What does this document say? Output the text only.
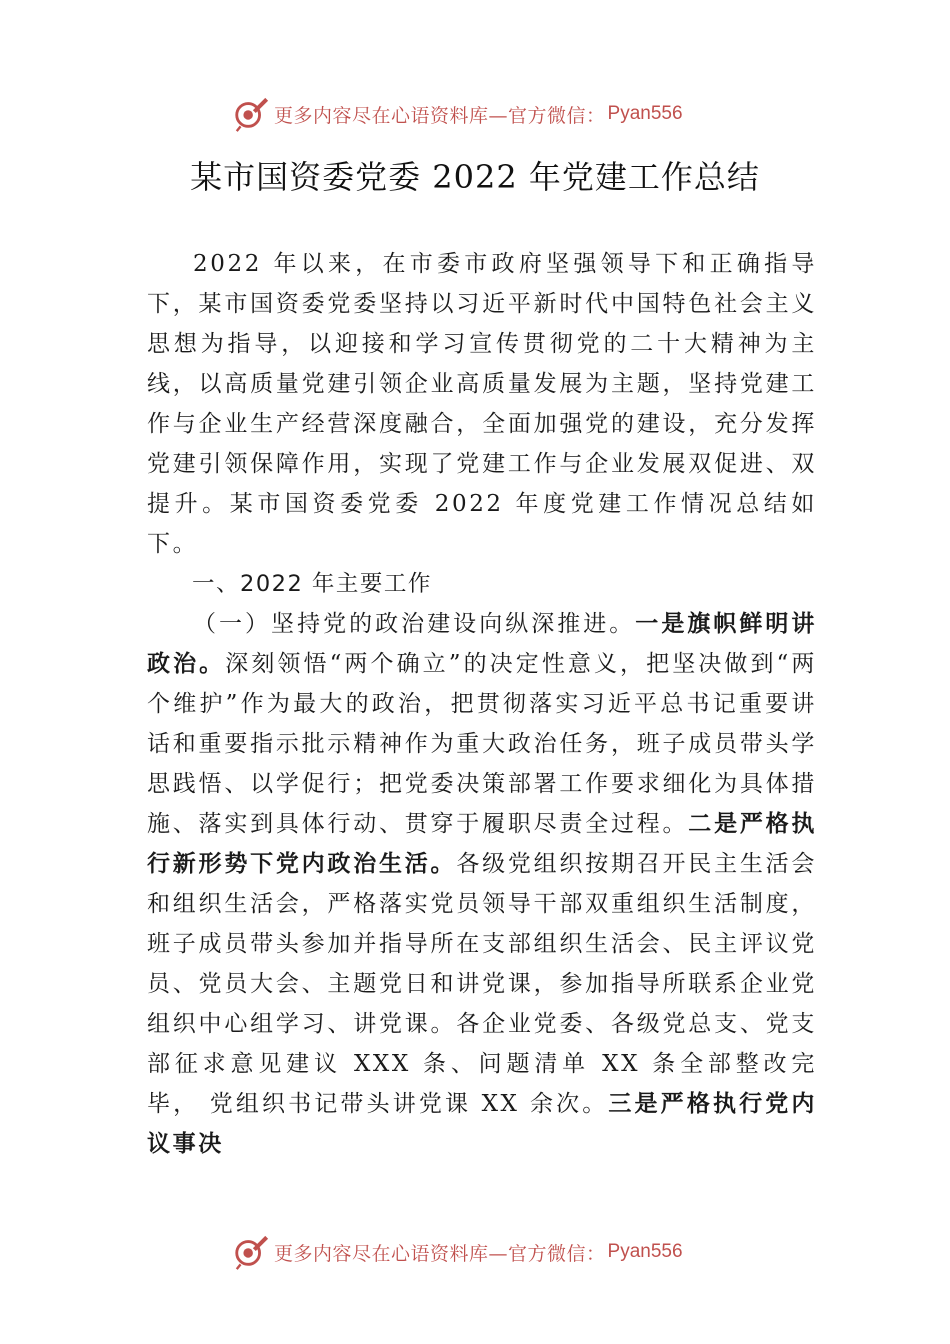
更多内容尽在心语资料库—官方微信： Pyan556
某市国资委党委 2022 年党建工作总结

2022 年以来，在市委市政府坚强领导下和正确指导下，某市国资委党委坚持以习近平新时代中国特色社会主义思想为指导，以迎接和学习宣传贯彻党的二十大精神为主线，以高质量党建引领企业高质量发展为主题，坚持党建工作与企业生产经营深度融合，全面加强党的建设，充分发挥党建引领保障作用，实现了党建工作与企业发展双促进、双提升。某市国资委党委 2022 年度党建工作情况总结如下。

一、2022 年主要工作

（一）坚持党的政治建设向纵深推进。一是旗帜鲜明讲政治。深刻领悟“两个确立”的决定性意义，把坚决做到“两个维护”作为最大的政治，把贯彻落实习近平总书记重要讲话和重要指示批示精神作为重大政治任务，班子成员带头学思践悟、以学促行；把党委决策部署工作要求细化为具体措施、落实到具体行动、贯穿于履职尽责全过程。二是严格执行新形势下党内政治生活。各级党组织按期召开民主生活会和组织生活会，严格落实党员领导干部双重组织生活制度， 班子成员带头参加并指导所在支部组织生活会、民主评议党员、党员大会、主题党日和讲党课，参加指导所联系企业党组织中心组学习、讲党课。各企业党委、各级党总支、党支部征求意见建议 XXX 条、问题清单 XX 条全部整改完毕， 党组织书记带头讲党课 XX 余次。三是严格执行党内议事决

更多内容尽在心语资料库—官方微信： Pyan556
